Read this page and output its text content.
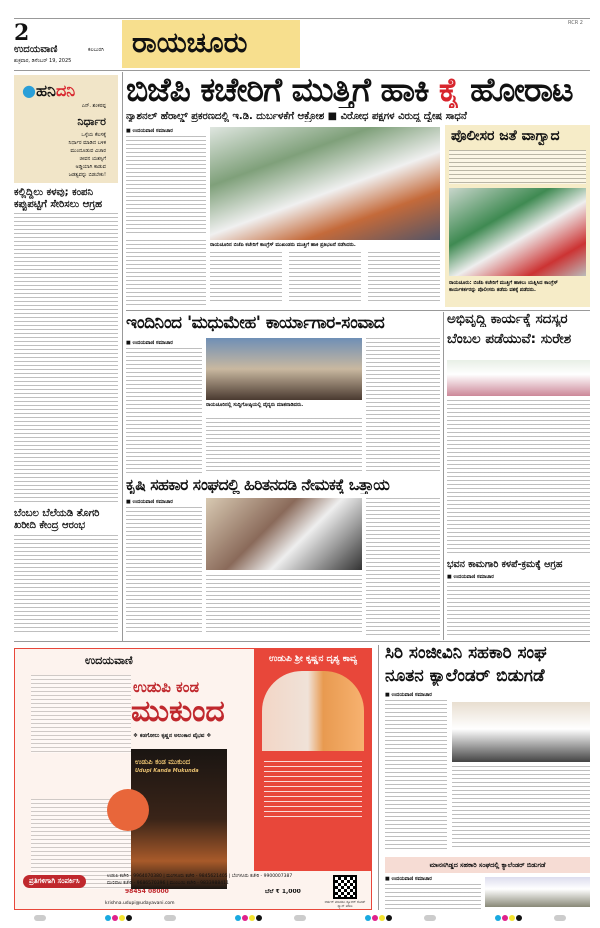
2
ಉದಯವಾಣಿ	ಕಲಬುರಗಿ
ಶುಕ್ರವಾರ, ಡಿಸೆಂಬರ್ 19, 2025
ರಾಯಚೂರು
RCR 2
●ಹನಿದನಿ
ಎನ್. ಶಂಕರಪ್ಪ
ನಿರ್ಧಾರ
ಒಳ್ಳೆಯ ಕೆಲಸಕ್ಕೆ
ನಿರ್ಧಾರ ಮಾಡಿದ ಬಳಿಕ
ಮುಂದೂಡುವ ವಿಚಾರ
ಜೀವನ ಯಶಸ್ಸಿಗೆ
ಅಡ್ಡಿಯಾಗಿ ಕಾಡುವ
ಜಡತ್ವವನ್ನು ಬಿಡಬೇಕು!
ಕಲ್ಲಿದ್ದಿಲು ಕಳವು; ಕಂಪನಿ ಕಪ್ಪುಪಟ್ಟಿಗೆ ಸೇರಿಸಲು ಆಗ್ರಹ
ಬೆಂಬಲ ಬೆಲೆಯಡಿ ತೊಗರಿ ಖರೀದಿ ಕೇಂದ್ರ ಆರಂಭ
ಬಿಜೆಪಿ ಕಚೇರಿಗೆ ಮುತ್ತಿಗೆ ಹಾಕಿ ಕೈ ಹೋರಾಟ
ನ್ಯಾಶನಲ್ ಹೆರಾಲ್ಡ್ ಪ್ರಕರಣದಲ್ಲಿ ಇ.ಡಿ. ದುರ್ಬಳಕೆಗೆ ಆಕ್ರೋಶ ■ ವಿರೋಧ ಪಕ್ಷಗಳ ವಿರುದ್ಧ ದ್ವೇಷ ಸಾಧನೆ
■ ಉದಯವಾಣಿ ಸಮಾಚಾರ
ರಾಯಚೂರಿನ ಬಿಜೆಪಿ ಕಚೇರಿಗೆ ಕಾಂಗ್ರೆಸ್ ಮುಖಂಡರು ಮುತ್ತಿಗೆ ಹಾಕಿ ಪ್ರತಿಭಟನೆ ನಡೆಸಿದರು.
ಪೊಲೀಸರ ಜತೆ ವಾಗ್ವಾದ
ರಾಯಚೂರು: ಬಿಜೆಪಿ ಕಚೇರಿಗೆ ಮುತ್ತಿಗೆ ಹಾಕಲು ಯತ್ನಿಸಿದ ಕಾಂಗ್ರೆಸ್ ಕಾರ್ಯಕರ್ತರನ್ನು ಪೊಲೀಸರು ತಡೆದು ವಶಕ್ಕೆ ಪಡೆದರು.
ಇಂದಿನಿಂದ 'ಮಧುಮೇಹ' ಕಾರ್ಯಾಗಾರ-ಸಂವಾದ
■ ಉದಯವಾಣಿ ಸಮಾಚಾರ
ರಾಯಚೂರಿನಲ್ಲಿ ಸುದ್ದಿಗೋಷ್ಠಿಯಲ್ಲಿ ವೈದ್ಯರು ಮಾತನಾಡಿದರು.
ಅಭಿವೃದ್ಧಿ ಕಾರ್ಯಕ್ಕೆ ಸದಸ್ಯರ
ಬೆಂಬಲ ಪಡೆಯುವೆ: ಸುರೇಶ
ಕೃಷಿ ಸಹಕಾರ ಸಂಘದಲ್ಲಿ ಹಿರಿತನದಡಿ ನೇಮಕಕ್ಕೆ ಒತ್ತಾಯ
■ ಉದಯವಾಣಿ ಸಮಾಚಾರ
ಭವನ ಕಾಮಗಾರಿ ಕಳಪೆ-ಕ್ರಮಕ್ಕೆ ಆಗ್ರಹ
■ ಉದಯವಾಣಿ ಸಮಾಚಾರ
ಉದಯವಾಣಿ
ಉಡುಪಿ ಕಂಡ
ಮುಕುಂದ
❖ ಕಡಗೋಲು ಕೃಷ್ಣನ ಅಲಂಕಾರ ವೈಭವ ❖
ಉಡುಪಿ ಕಂಡ ಮುಕುಂದ
Udupi Kanda Mukunda
ಉಡುಪಿ ಶ್ರೀ ಕೃಷ್ಣನ ದೃಶ್ಯ ಕಾವ್ಯ
ಪ್ರತಿಗಳಿಗಾಗಿ ಸಂಪರ್ಕಿಸಿ
ಉಡುಪಿ ಕಚೇರಿ - 9964070380 | ಮಂಗಳೂರು ಕಚೇರಿ - 9845621405 | ಬೆಂಗಳೂರು ಕಚೇರಿ - 9900007387
ಮಣಿಪಾಲ ಕಚೇರಿ - 9686570396 | ಮುಂಬಯಿ ಕಚೇರಿ - 9833988411
98454 08000	ಬೆಲೆ ₹ 1,000
krishna.udupi@udayavani.com	ಆರ್ಡರ್ ಮಾಡಲು ಕ್ಯೂಆರ್ ಕೋಡ್ ಸ್ಕ್ಯಾನ್ ಮಾಡಿ
ಸಿರಿ ಸಂಜೀವಿನಿ ಸಹಕಾರಿ ಸಂಘ
ನೂತನ ಕ್ಯಾಲೆಂಡರ್ ಬಿಡುಗಡೆ
■ ಉದಯವಾಣಿ ಸಮಾಚಾರ
ಮಾನಸಗಿಡ್ಡದ ಸಹಕಾರಿ ಸಂಘದಲ್ಲಿ ಕ್ಯಾಲೆಂಡರ್ ಬಿಡುಗಡೆ
■ ಉದಯವಾಣಿ ಸಮಾಚಾರ
